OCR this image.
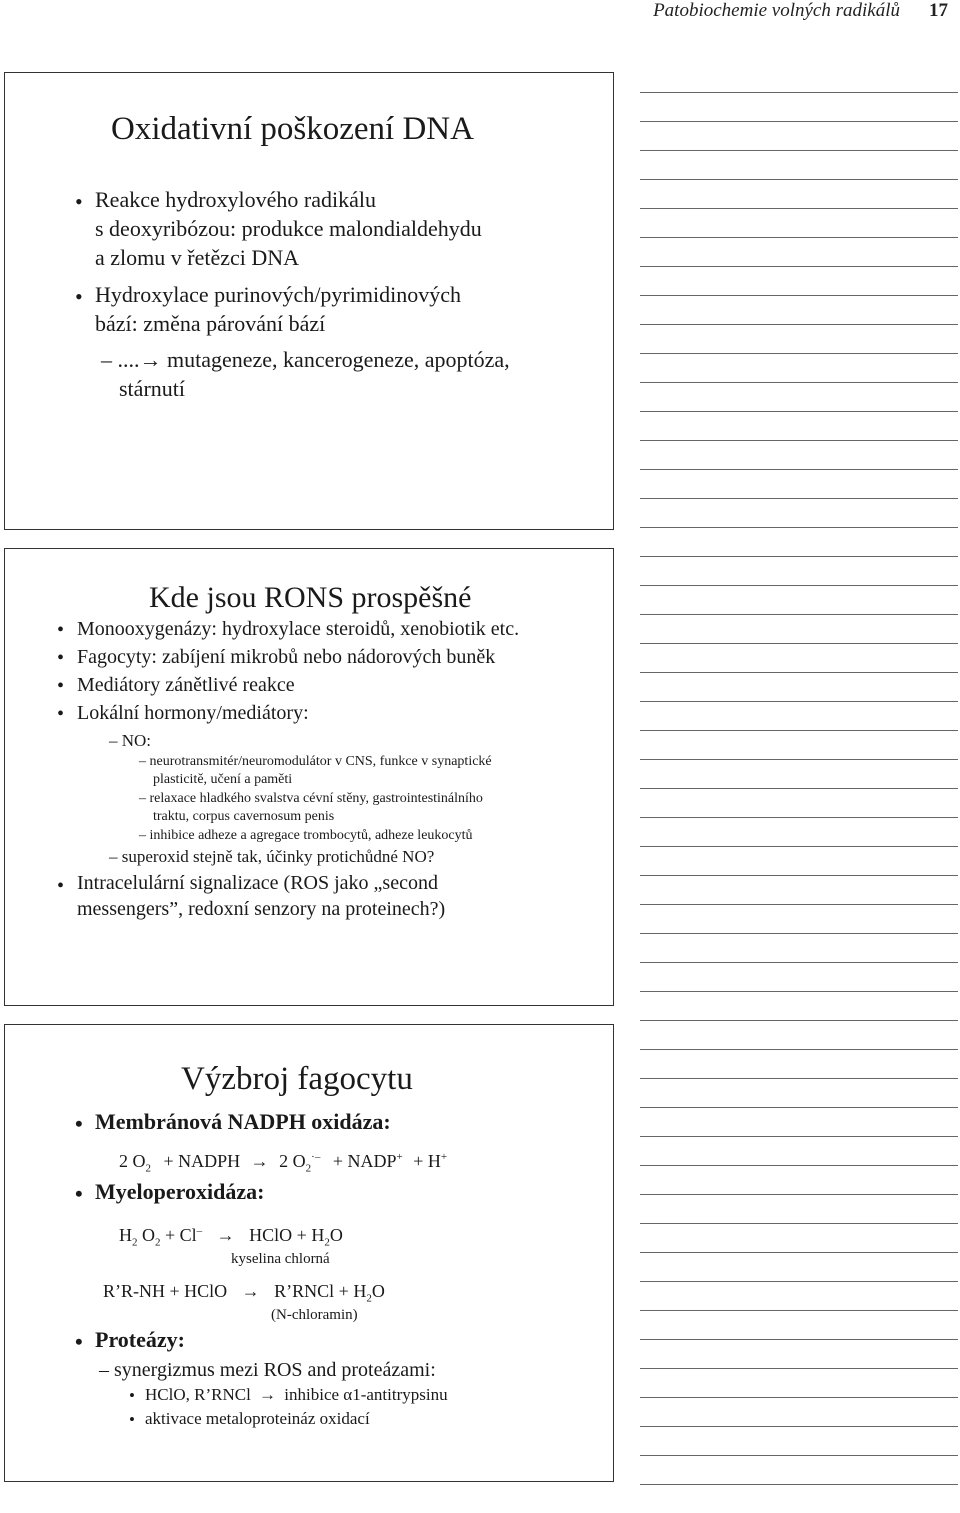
Patobiochemie volných radikálů 17
Oxidativní poškození DNA
• Reakce hydroxylového radikálu
s deoxyribózou: produkce malondialdehydu
a zlomu v řetězci DNA
• Hydroxylace purinových/pyrimidinových
bází: změna párování bází
– ....→ mutageneze, kancerogeneze, apoptóza,
stárnutí
Kde jsou RONS prospěšné
• Monooxygenázy: hydroxylace steroidů, xenobiotik etc.
• Fagocyty: zabíjení mikrobů nebo nádorových buněk
• Mediátory zánětlivé reakce
• Lokální hormony/mediátory:
– NO:
– neurotransmitér/neuromodulátor v CNS, funkce v synaptické
plasticitě, učení a paměti
– relaxace hladkého svalstva cévní stěny, gastrointestinálního
traktu, corpus cavernosum penis
– inhibice adheze a agregace trombocytů, adheze leukocytů
– superoxid stejně tak, účinky protichůdné NO?
• Intracelulární signalizace (ROS jako „second
messengers”, redoxní senzory na proteinech?)
Výzbroj fagocytu
• Membránová NADPH oxidáza:
2 $O_2$ + NADPH → 2 $O_2^{\cdot-}$ + NADP+ + H+
• Myeloperoxidáza:
$H_2$ $O_2 + Cl^-$ → HClO + $H_2O$
kyselina chlorná
R’R-NH + HClO → R’RNCl + $H_2O$
(N-chloramin)
• Proteázy:
– synergizmus mezi ROS and proteázami:
• HClO, R’RNCl → inhibice α1-antitrypsinu
• aktivace metaloproteináz oxidací
